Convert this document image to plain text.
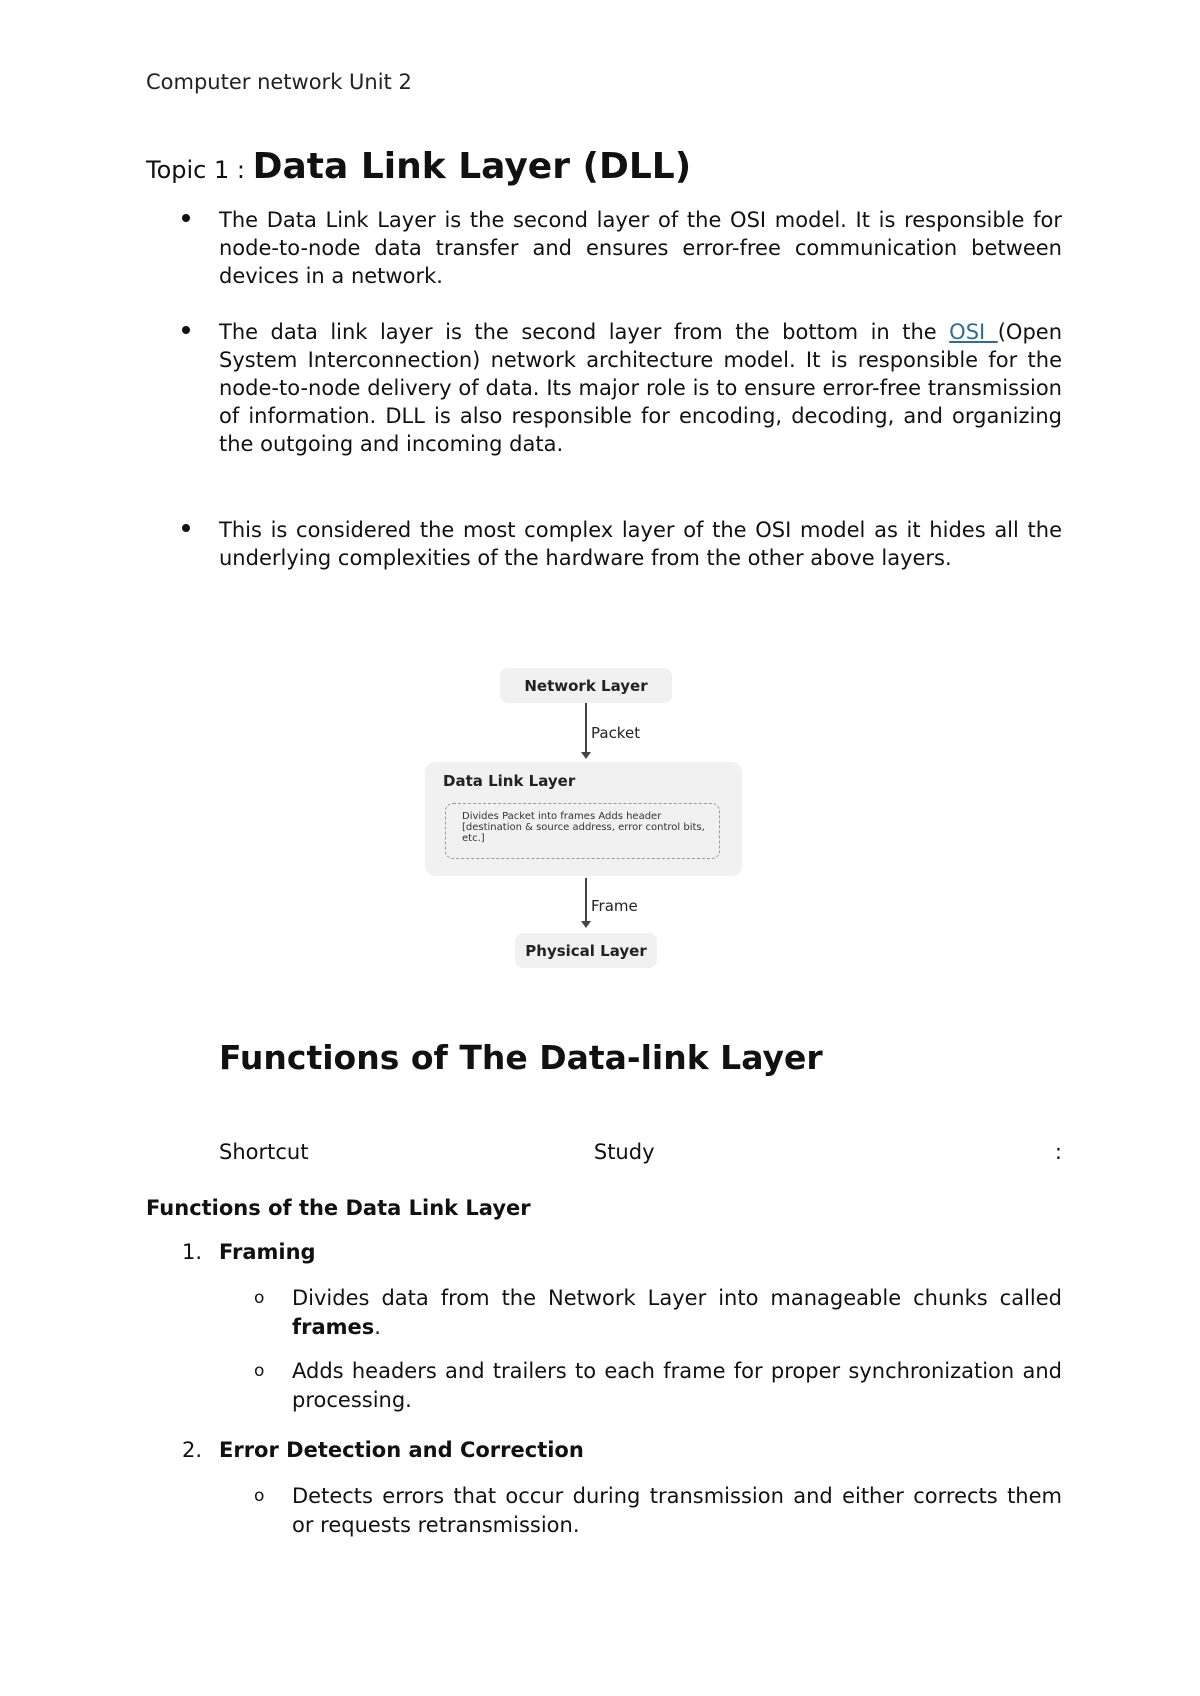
Computer network Unit 2
Topic 1 : Data Link Layer (DLL)
The Data Link Layer is the second layer of the OSI model. It is responsible for node-to-node data transfer and ensures error-free communication between devices in a network.
The data link layer is the second layer from the bottom in the OSI (Open System Interconnection) network architecture model. It is responsible for the node-to-node delivery of data. Its major role is to ensure error-free transmission of information. DLL is also responsible for encoding, decoding, and organizing the outgoing and incoming data.
This is considered the most complex layer of the OSI model as it hides all the underlying complexities of the hardware from the other above layers.
Network Layer
Packet
Data Link Layer
Divides Packet into frames Adds header [destination & source address, error control bits, etc.]
Frame
Physical Layer
Functions of The Data-link Layer
Shortcut	Study	:
Functions of the Data Link Layer
1. Framing
o Divides data from the Network Layer into manageable chunks called frames.
o Adds headers and trailers to each frame for proper synchronization and processing.
2. Error Detection and Correction
o Detects errors that occur during transmission and either corrects them or requests retransmission.
